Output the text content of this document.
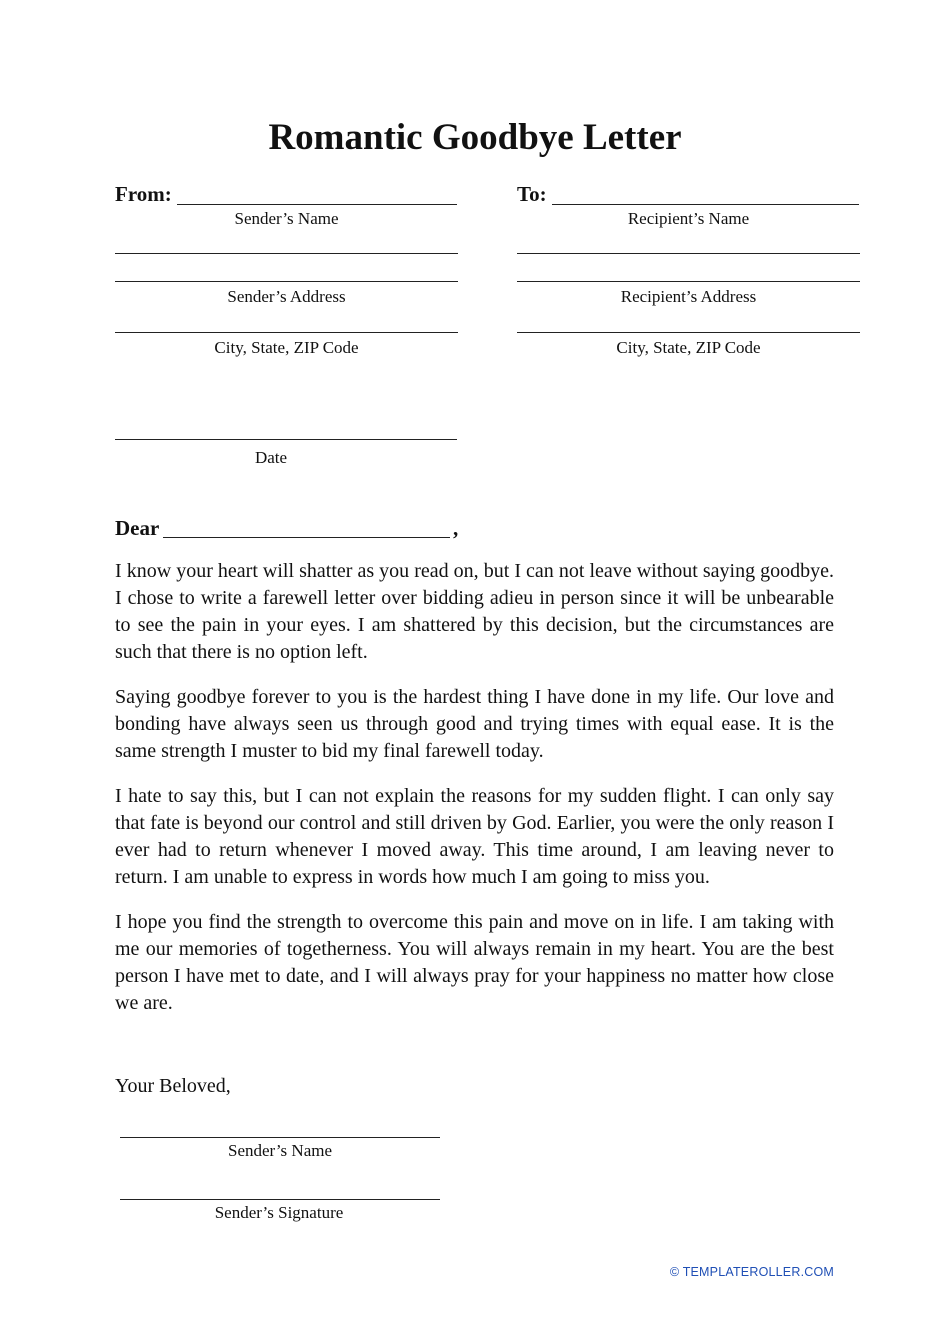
Romantic Goodbye Letter
From:
Sender’s Name
Sender’s Address
City, State, ZIP Code
To:
Recipient’s Name
Recipient’s Address
City, State, ZIP Code
Date
Dear	,

I know your heart will shatter as you read on, but I can not leave without saying goodbye. I chose to write a farewell letter over bidding adieu in person since it will be unbearable to see the pain in your eyes. I am shattered by this decision, but the circumstances are such that there is no option left.

Saying goodbye forever to you is the hardest thing I have done in my life. Our love and bonding have always seen us through good and trying times with equal ease. It is the same strength I muster to bid my final farewell today.

I hate to say this, but I can not explain the reasons for my sudden flight. I can only say that fate is beyond our control and still driven by God. Earlier, you were the only reason I ever had to return whenever I moved away. This time around, I am leaving never to return. I am unable to express in words how much I am going to miss you.

I hope you find the strength to overcome this pain and move on in life. I am taking with me our memories of togetherness. You will always remain in my heart. You are the best person I have met to date, and I will always pray for your happiness no matter how close we are.

Your Beloved,
Sender’s Name
Sender’s Signature
© TEMPLATEROLLER.COM
